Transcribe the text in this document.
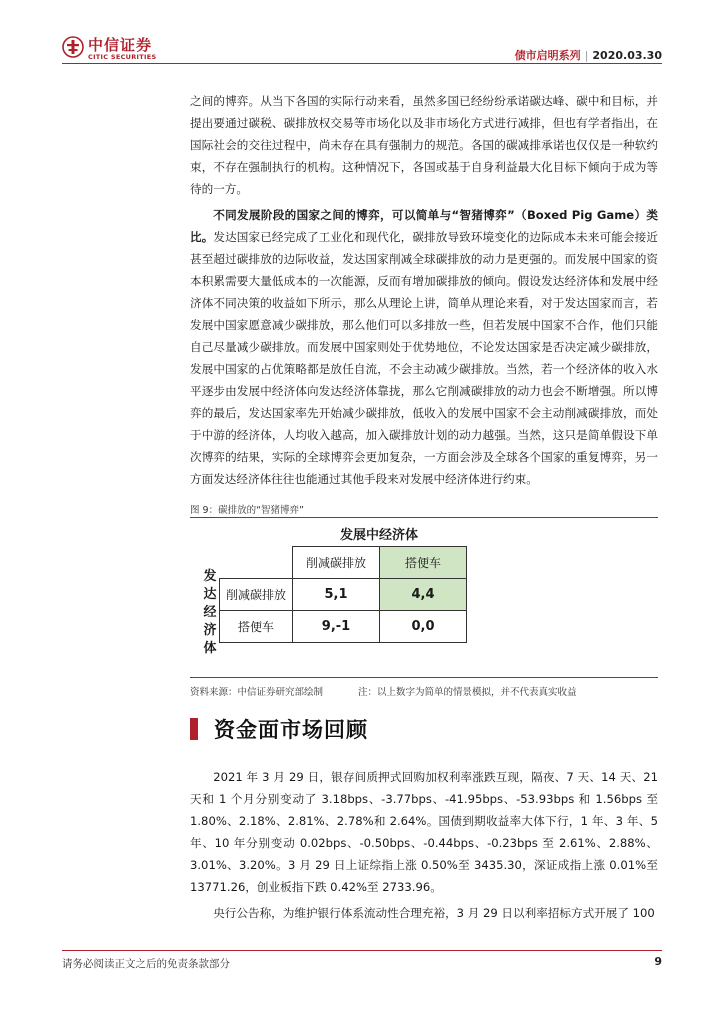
中信证券
CITIC SECURITIES	债市启明系列 | 2020.03.30

之间的博弈。从当下各国的实际行动来看，虽然多国已经纷纷承诺碳达峰、碳中和目标，并提出要通过碳税、碳排放权交易等市场化以及非市场化方式进行减排，但也有学者指出，在国际社会的交往过程中，尚未存在具有强制力的规范。各国的碳减排承诺也仅仅是一种软约束，不存在强制执行的机构。这种情况下，各国或基于自身利益最大化目标下倾向于成为等待的一方。

不同发展阶段的国家之间的博弈，可以简单与“智猪博弈”（Boxed Pig Game）类比。发达国家已经完成了工业化和现代化，碳排放导致环境变化的边际成本未来可能会接近甚至超过碳排放的边际收益，发达国家削减全球碳排放的动力是更强的。而发展中国家的资本积累需要大量低成本的一次能源，反而有增加碳排放的倾向。假设发达经济体和发展中经济体不同决策的收益如下所示，那么从理论上讲，简单从理论来看，对于发达国家而言，若发展中国家愿意减少碳排放，那么他们可以多排放一些，但若发展中国家不合作，他们只能自己尽量减少碳排放。而发展中国家则处于优势地位，不论发达国家是否决定减少碳排放，发展中国家的占优策略都是放任自流，不会主动减少碳排放。当然，若一个经济体的收入水平逐步由发展中经济体向发达经济体靠拢，那么它削减碳排放的动力也会不断增强。所以博弈的最后，发达国家率先开始减少碳排放，低收入的发展中国家不会主动削减碳排放，而处于中游的经济体，人均收入越高，加入碳排放计划的动力越强。当然，这只是简单假设下单次博弈的结果，实际的全球博弈会更加复杂，一方面会涉及全球各个国家的重复博弈，另一方面发达经济体往往也能通过其他手段来对发展中经济体进行约束。

图 9：碳排放的“智猪博弈”
发展中经济体
发
达
经
济
体
	削减碳排放	搭便车
削减碳排放	5,1	4,4
搭便车	9,-1	0,0
资料来源：中信证券研究部绘制	注：以上数字为简单的情景模拟，并不代表真实收益
资金面市场回顾

2021 年 3 月 29 日，银存间质押式回购加权利率涨跌互现，隔夜、7 天、14 天、21 天和 1 个月分别变动了 3.18bps、-3.77bps、-41.95bps、-53.93bps 和 1.56bps 至 1.80%、2.18%、2.81%、2.78%和 2.64%。国债到期收益率大体下行，1 年、3 年、5 年、10 年分别变动 0.02bps、-0.50bps、-0.44bps、-0.23bps 至 2.61%、2.88%、3.01%、3.20%。3 月 29 日上证综指上涨 0.50%至 3435.30，深证成指上涨 0.01%至 13771.26，创业板指下跌 0.42%至 2733.96。

央行公告称，为维护银行体系流动性合理充裕，3 月 29 日以利率招标方式开展了 100

请务必阅读正文之后的免责条款部分	9
